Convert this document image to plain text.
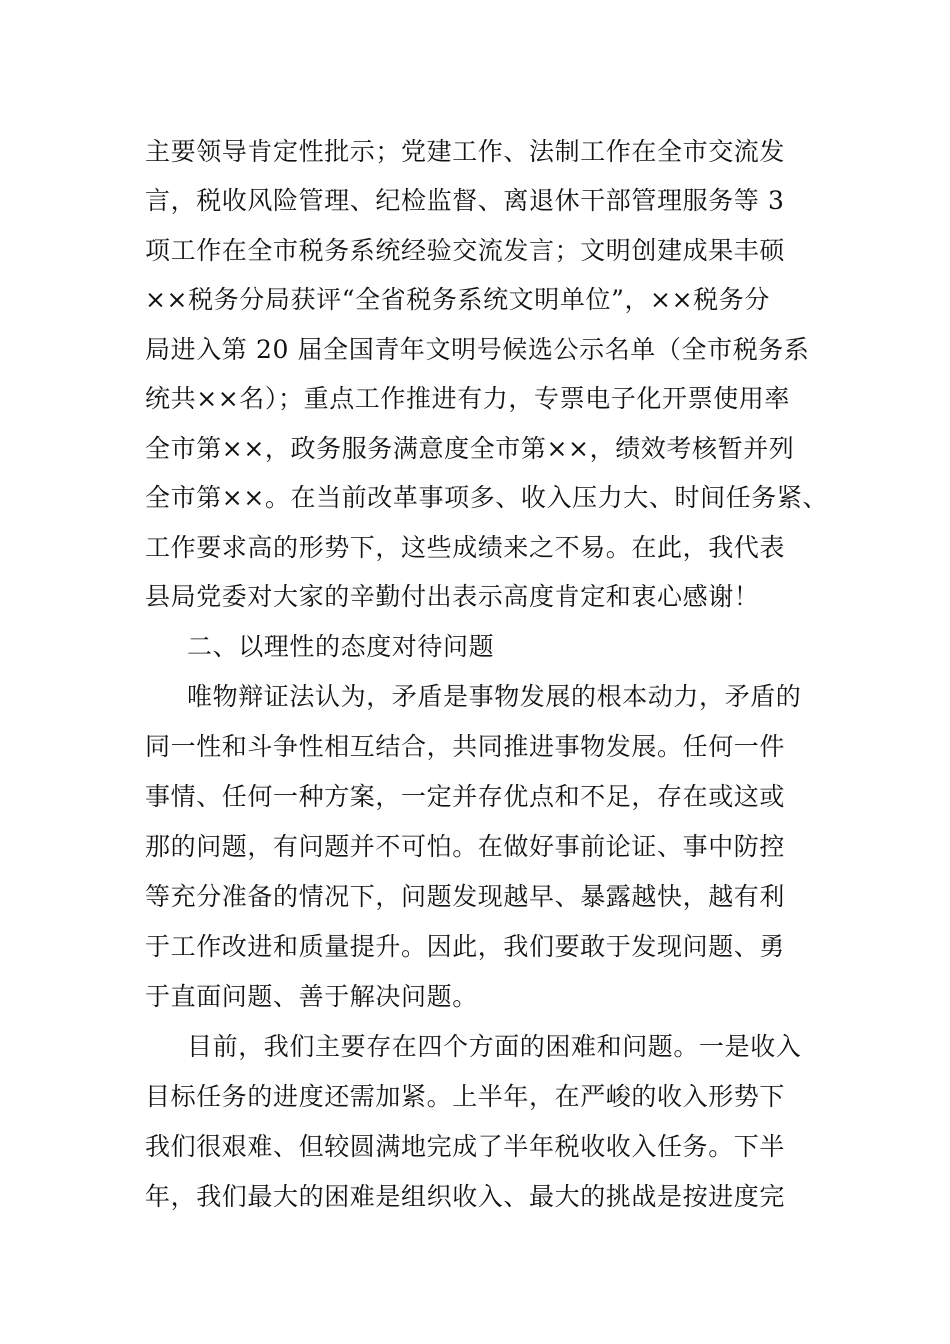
主要领导肯定性批示；党建工作、法制工作在全市交流发
言，税收风险管理、纪检监督、离退休干部管理服务等 3
项工作在全市税务系统经验交流发言；文明创建成果丰硕
××税务分局获评“全省税务系统文明单位”，××税务分
局进入第 20 届全国青年文明号候选公示名单（全市税务系
统共××名）；重点工作推进有力，专票电子化开票使用率
全市第××，政务服务满意度全市第××，绩效考核暂并列
全市第××。在当前改革事项多、收入压力大、时间任务紧、
工作要求高的形势下，这些成绩来之不易。在此，我代表
县局党委对大家的辛勤付出表示高度肯定和衷心感谢！
二、以理性的态度对待问题
唯物辩证法认为，矛盾是事物发展的根本动力，矛盾的
同一性和斗争性相互结合，共同推进事物发展。任何一件
事情、任何一种方案，一定并存优点和不足，存在或这或
那的问题，有问题并不可怕。在做好事前论证、事中防控
等充分准备的情况下，问题发现越早、暴露越快，越有利
于工作改进和质量提升。因此，我们要敢于发现问题、勇
于直面问题、善于解决问题。
目前，我们主要存在四个方面的困难和问题。一是收入
目标任务的进度还需加紧。上半年，在严峻的收入形势下
我们很艰难、但较圆满地完成了半年税收收入任务。下半
年，我们最大的困难是组织收入、最大的挑战是按进度完
